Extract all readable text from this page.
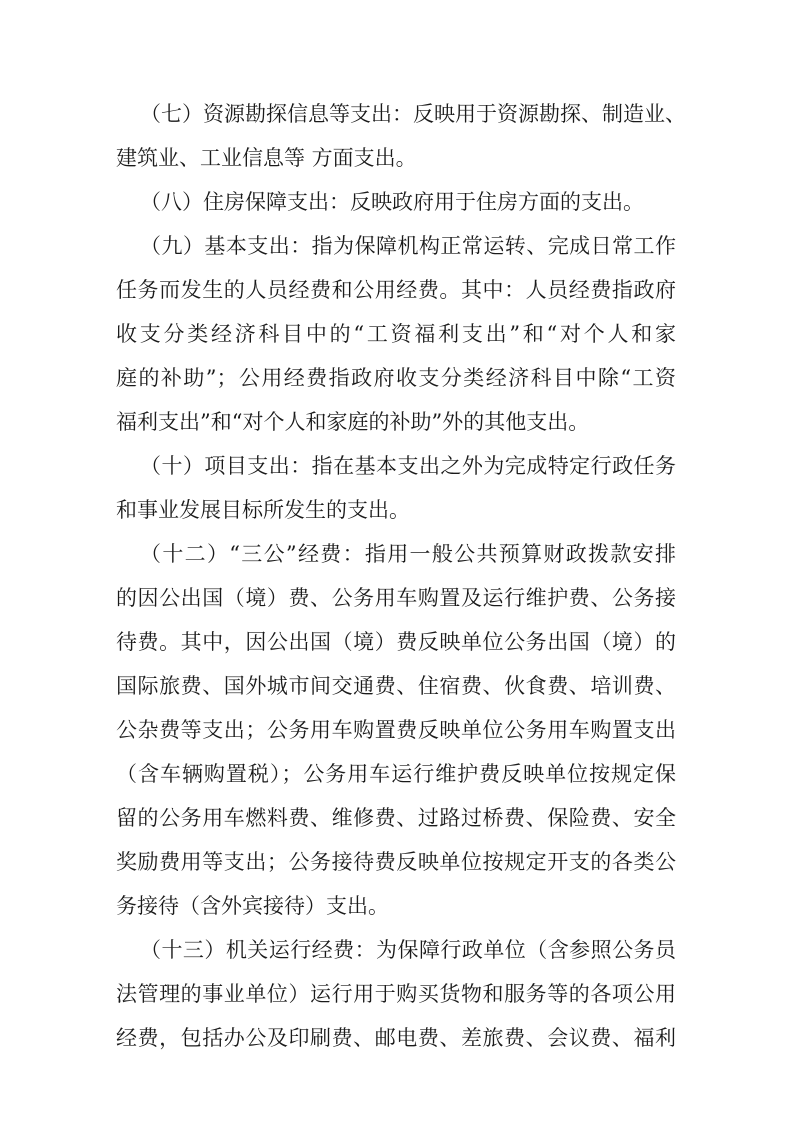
（七）资源勘探信息等支出：反映用于资源勘探、制造业、
建筑业、工业信息等 方面支出。
（八）住房保障支出：反映政府用于住房方面的支出。
（九）基本支出：指为保障机构正常运转、完成日常工作
任务而发生的人员经费和公用经费。其中：人员经费指政府
收支分类经济科目中的“工资福利支出”和“对个人和家
庭的补助”；公用经费指政府收支分类经济科目中除“工资
福利支出”和“对个人和家庭的补助”外的其他支出。
（十）项目支出：指在基本支出之外为完成特定行政任务
和事业发展目标所发生的支出。
（十二）“三公”经费：指用一般公共预算财政拨款安排
的因公出国（境）费、公务用车购置及运行维护费、公务接
待费。其中，因公出国（境）费反映单位公务出国（境）的
国际旅费、国外城市间交通费、住宿费、伙食费、培训费、
公杂费等支出；公务用车购置费反映单位公务用车购置支出
（含车辆购置税）；公务用车运行维护费反映单位按规定保
留的公务用车燃料费、维修费、过路过桥费、保险费、安全
奖励费用等支出；公务接待费反映单位按规定开支的各类公
务接待（含外宾接待）支出。
（十三）机关运行经费：为保障行政单位（含参照公务员
法管理的事业单位）运行用于购买货物和服务等的各项公用
经费，包括办公及印刷费、邮电费、差旅费、会议费、福利
